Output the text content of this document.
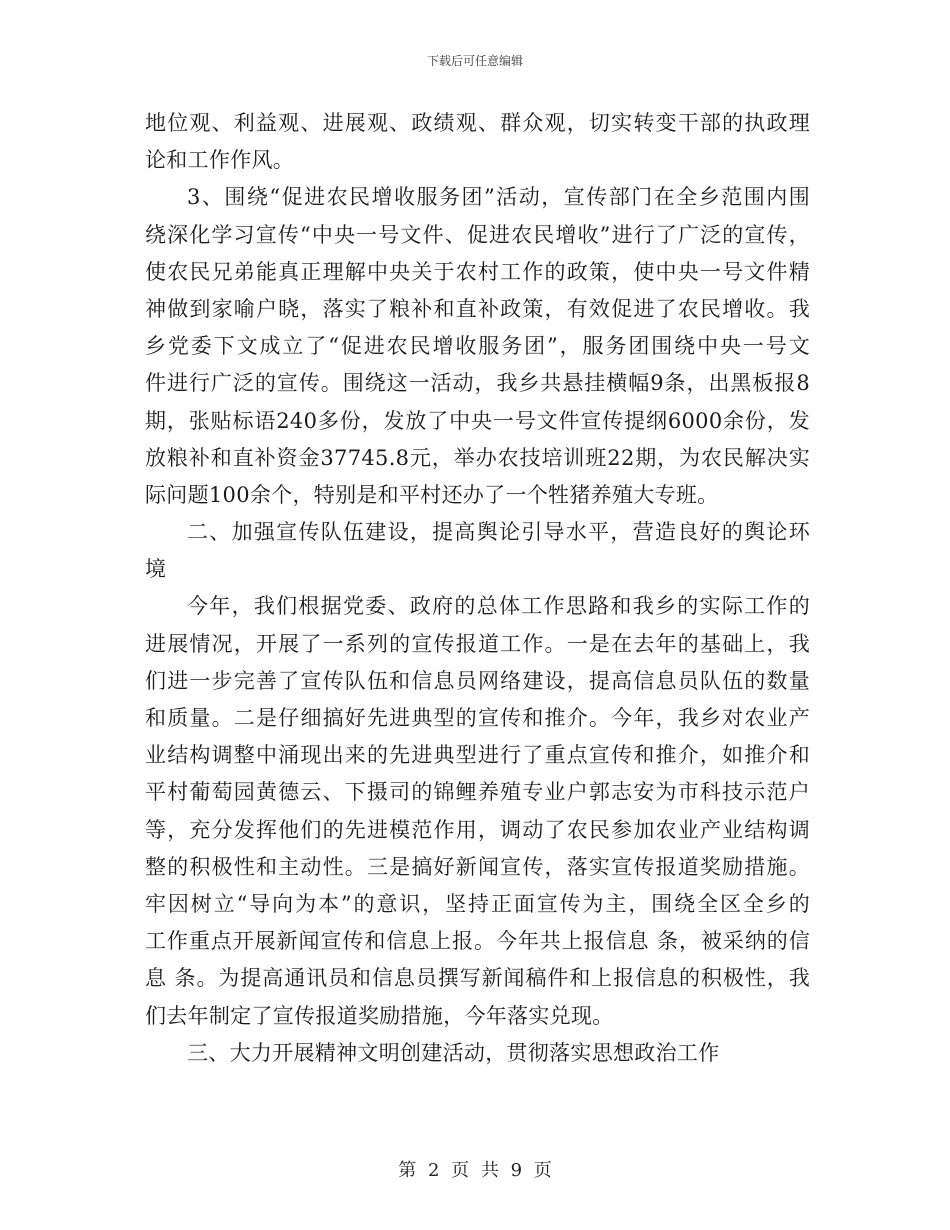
下载后可任意编辑
地位观、利益观、进展观、政绩观、群众观，切实转变干部的执政理
论和工作作风。
3、围绕“促进农民增收服务团”活动，宣传部门在全乡范围内围
绕深化学习宣传“中央一号文件、促进农民增收”进行了广泛的宣传，
使农民兄弟能真正理解中央关于农村工作的政策，使中央一号文件精
神做到家喻户晓，落实了粮补和直补政策，有效促进了农民增收。我
乡党委下文成立了“促进农民增收服务团”，服务团围绕中央一号文
件进行广泛的宣传。围绕这一活动，我乡共悬挂横幅9条，出黑板报8
期，张贴标语240多份，发放了中央一号文件宣传提纲6000余份，发
放粮补和直补资金37745.8元，举办农技培训班22期，为农民解决实
际问题100余个，特别是和平村还办了一个牲猪养殖大专班。
二、加强宣传队伍建设，提高舆论引导水平，营造良好的舆论环
境
今年，我们根据党委、政府的总体工作思路和我乡的实际工作的
进展情况，开展了一系列的宣传报道工作。一是在去年的基础上，我
们进一步完善了宣传队伍和信息员网络建设，提高信息员队伍的数量
和质量。二是仔细搞好先进典型的宣传和推介。今年，我乡对农业产
业结构调整中涌现出来的先进典型进行了重点宣传和推介，如推介和
平村葡萄园黄德云、下摄司的锦鲤养殖专业户郭志安为市科技示范户
等，充分发挥他们的先进模范作用，调动了农民参加农业产业结构调
整的积极性和主动性。三是搞好新闻宣传，落实宣传报道奖励措施。
牢因树立“导向为本”的意识，坚持正面宣传为主，围绕全区全乡的
工作重点开展新闻宣传和信息上报。今年共上报信息 条，被采纳的信
息 条。为提高通讯员和信息员撰写新闻稿件和上报信息的积极性，我
们去年制定了宣传报道奖励措施，今年落实兑现。
三、大力开展精神文明创建活动，贯彻落实思想政治工作
第 2 页 共 9 页
